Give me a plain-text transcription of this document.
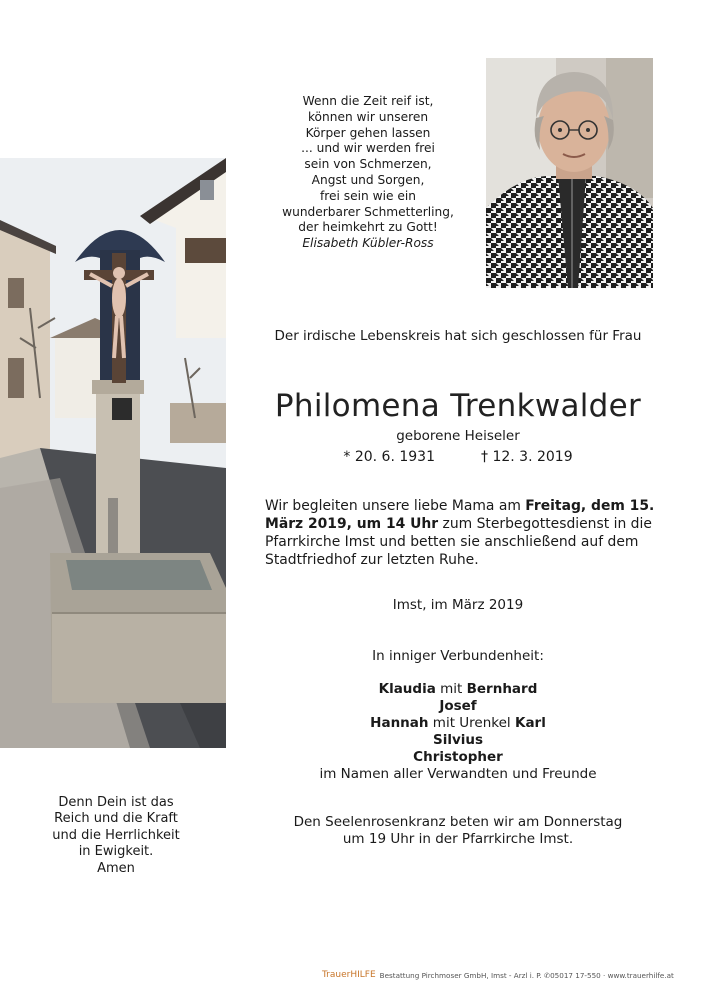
Wenn die Zeit reif ist,
können wir unseren
Körper gehen lassen
... und wir werden frei
sein von Schmerzen,
Angst und Sorgen,
frei sein wie ein
wunderbarer Schmetterling,
der heimkehrt zu Gott!
Elisabeth Kübler-Ross
Der irdische Lebenskreis hat sich geschlossen für Frau
Philomena Trenkwalder
geborene Heiseler
* 20. 6. 1931	† 12. 3. 2019
Wir begleiten unsere liebe Mama am Freitag, dem 15. März 2019, um 14 Uhr zum Sterbegottesdienst in die Pfarrkirche Imst und betten sie anschließend auf dem Stadtfriedhof zur letzten Ruhe.
Imst, im März 2019
In inniger Verbundenheit:
Klaudia mit Bernhard
Josef
Hannah mit Urenkel Karl
Silvius
Christopher
im Namen aller Verwandten und Freunde
Den Seelenrosenkranz beten wir am Donnerstag
um 19 Uhr in der Pfarrkirche Imst.
Denn Dein ist das
Reich und die Kraft
und die Herrlichkeit
in Ewigkeit.
Amen
TrauerHILFE Bestattung Pirchmoser GmbH, Imst - Arzl i. P. ✆05017 17-550 · www.trauerhilfe.at
